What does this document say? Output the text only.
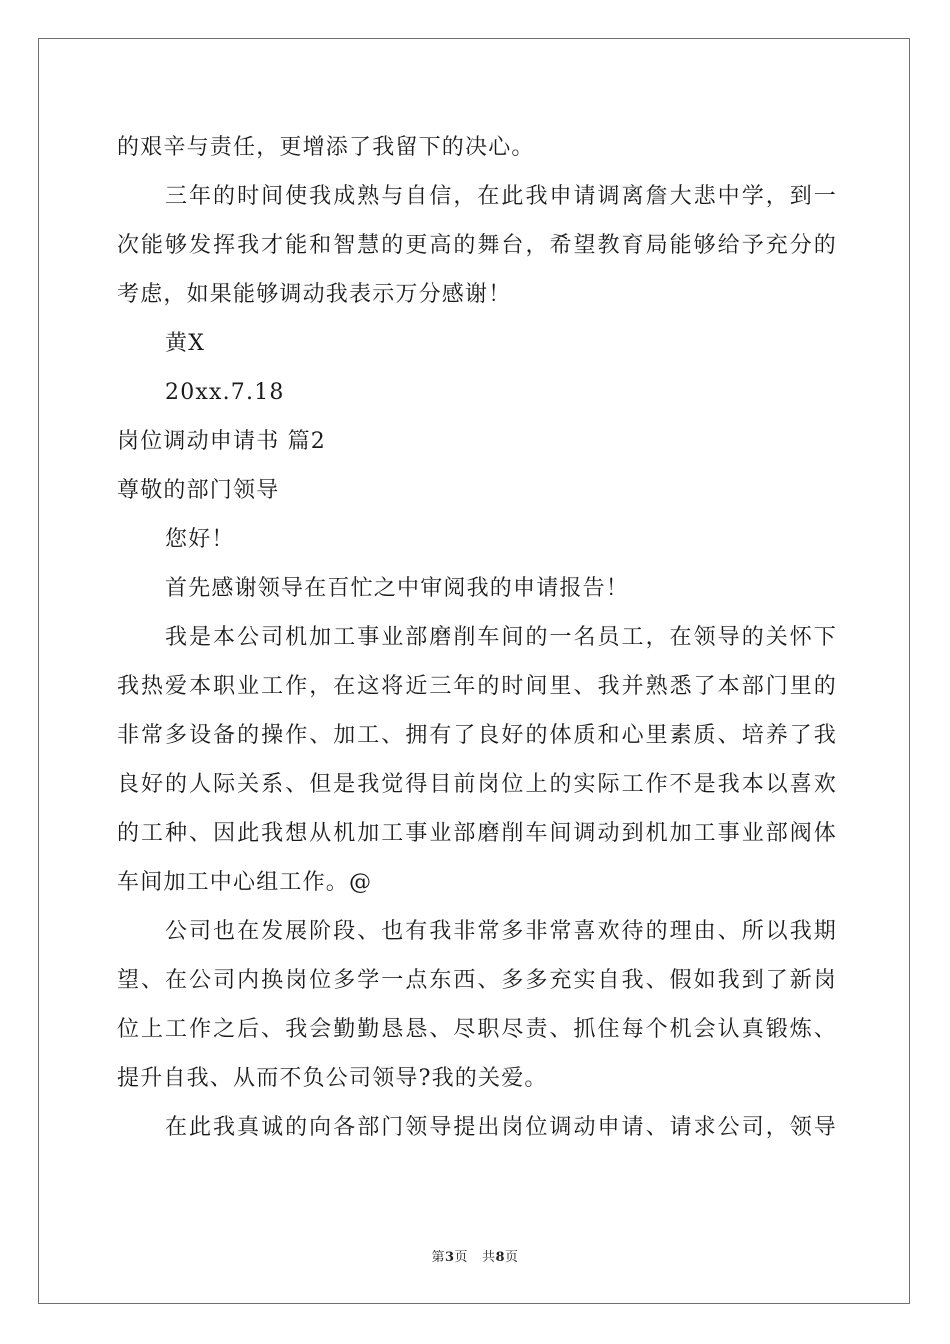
的艰辛与责任，更增添了我留下的决心。
三年的时间使我成熟与自信，在此我申请调离詹大悲中学，到一
次能够发挥我才能和智慧的更高的舞台，希望教育局能够给予充分的
考虑，如果能够调动我表示万分感谢！
黄X
20xx.7.18
岗位调动申请书 篇2
尊敬的部门领导
您好！
首先感谢领导在百忙之中审阅我的申请报告！
我是本公司机加工事业部磨削车间的一名员工，在领导的关怀下
我热爱本职业工作，在这将近三年的时间里、我并熟悉了本部门里的
非常多设备的操作、加工、拥有了良好的体质和心里素质、培养了我
良好的人际关系、但是我觉得目前岗位上的实际工作不是我本以喜欢
的工种、因此我想从机加工事业部磨削车间调动到机加工事业部阀体
车间加工中心组工作。@
公司也在发展阶段、也有我非常多非常喜欢待的理由、所以我期
望、在公司内换岗位多学一点东西、多多充实自我、假如我到了新岗
位上工作之后、我会勤勤恳恳、尽职尽责、抓住每个机会认真锻炼、
提升自我、从而不负公司领导?我的关爱。
在此我真诚的向各部门领导提出岗位调动申请、请求公司，领导
第3页   共8页
